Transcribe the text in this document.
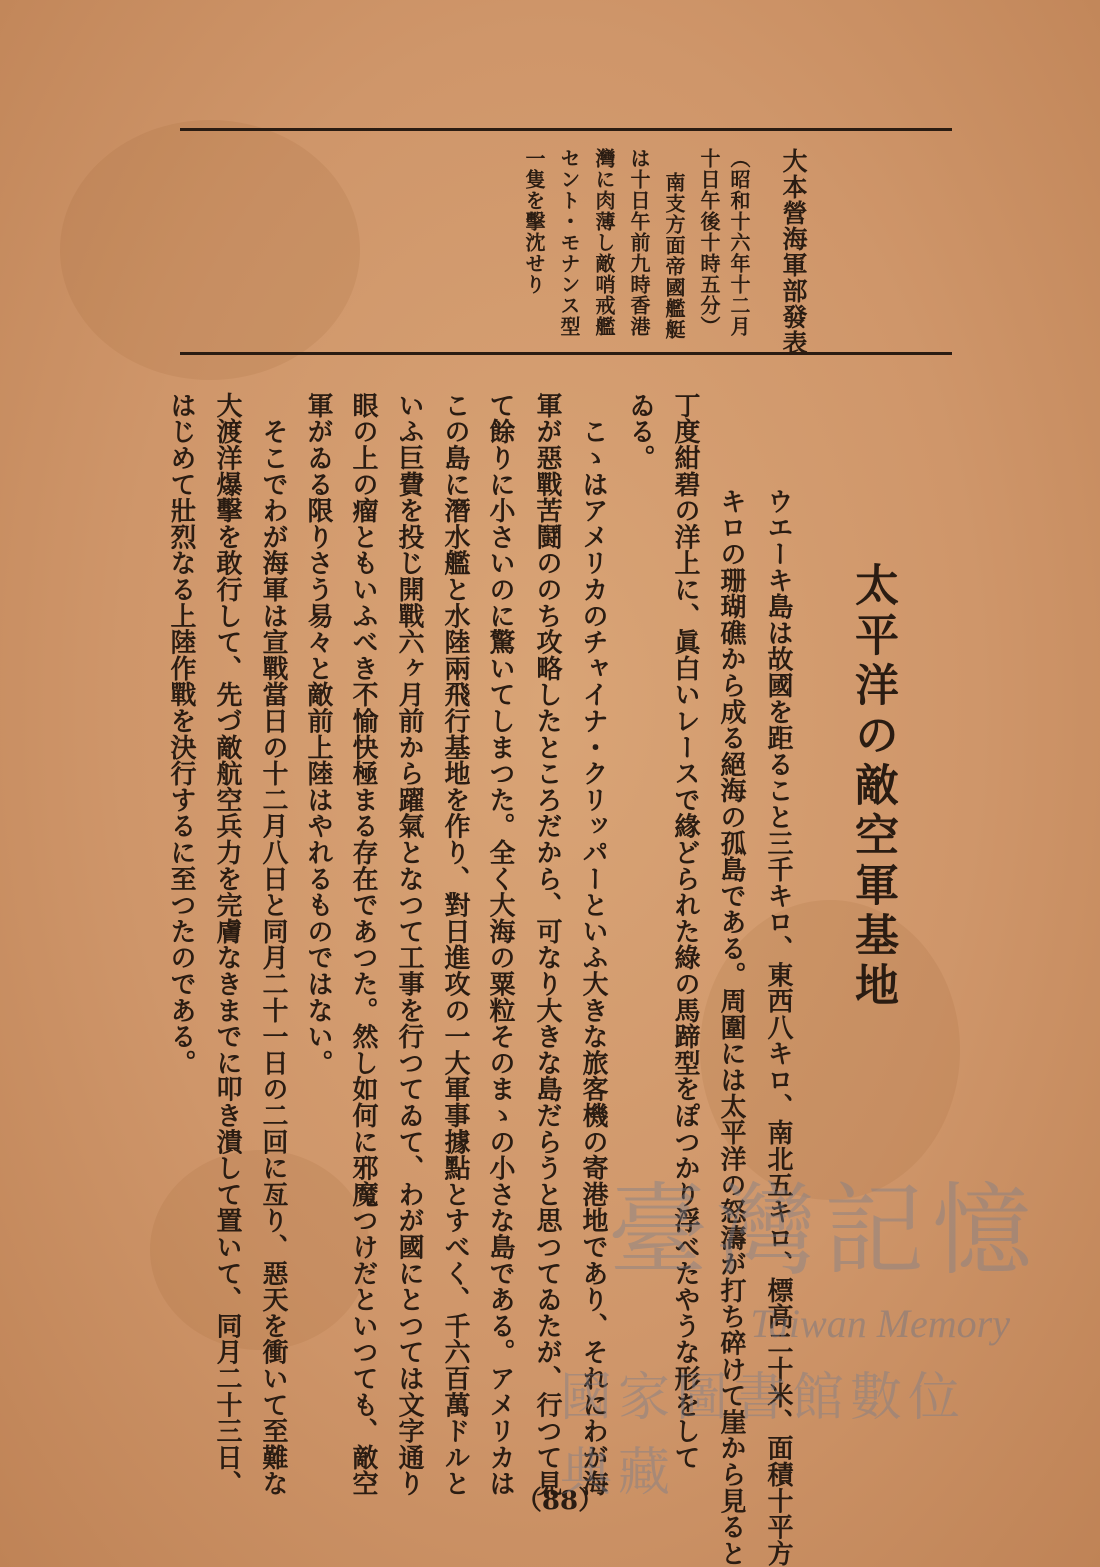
大本營海軍部發表
（昭和十六年十二月
十日午後十時五分）
南支方面帝國艦艇
は十日午前九時香港
灣に肉薄し敵哨戒艦
セント・モナンス型
一隻を擊沈せり
太平洋の敵空軍基地
ウエーキ島は故國を距ること三千キロ、東西八キロ、南北五キロ、標高二十米、面積十平方
キロの珊瑚礁から成る絕海の孤島である。周圍には太平洋の怒濤が打ち碎けて崖から見ると
丁度紺碧の洋上に、眞白いレースで緣どられた綠の馬蹄型をぽつかり浮べたやうな形をして
ゐる。
　こゝはアメリカのチャイナ・クリッパーといふ大きな旅客機の寄港地であり、それにわが海
軍が惡戰苦鬪ののち攻略したところだから、可なり大きな島だらうと思つてゐたが、行つて見
て餘りに小さいのに驚いてしまつた。全く大海の粟粒そのまゝの小さな島である。アメリカは
この島に潛水艦と水陸兩飛行基地を作り、對日進攻の一大軍事據點とすべく、千六百萬ドルと
いふ巨費を投じ開戰六ヶ月前から躍氣となつて工事を行つてゐて、わが國にとつては文字通り
眼の上の瘤ともいふべき不愉快極まる存在であつた。然し如何に邪魔つけだといつても、敵空
軍がゐる限りさう易々と敵前上陸はやれるものではない。
　そこでわが海軍は宣戰當日の十二月八日と同月二十一日の二回に亙り、惡天を衝いて至難な
大渡洋爆擊を敢行して、先づ敵航空兵力を完膚なきまでに叩き潰して置いて、同月二十三日、
はじめて壯烈なる上陸作戰を決行するに至つたのである。
（88）
臺灣記憶
Taiwan Memory
國家圖書館數位典藏
